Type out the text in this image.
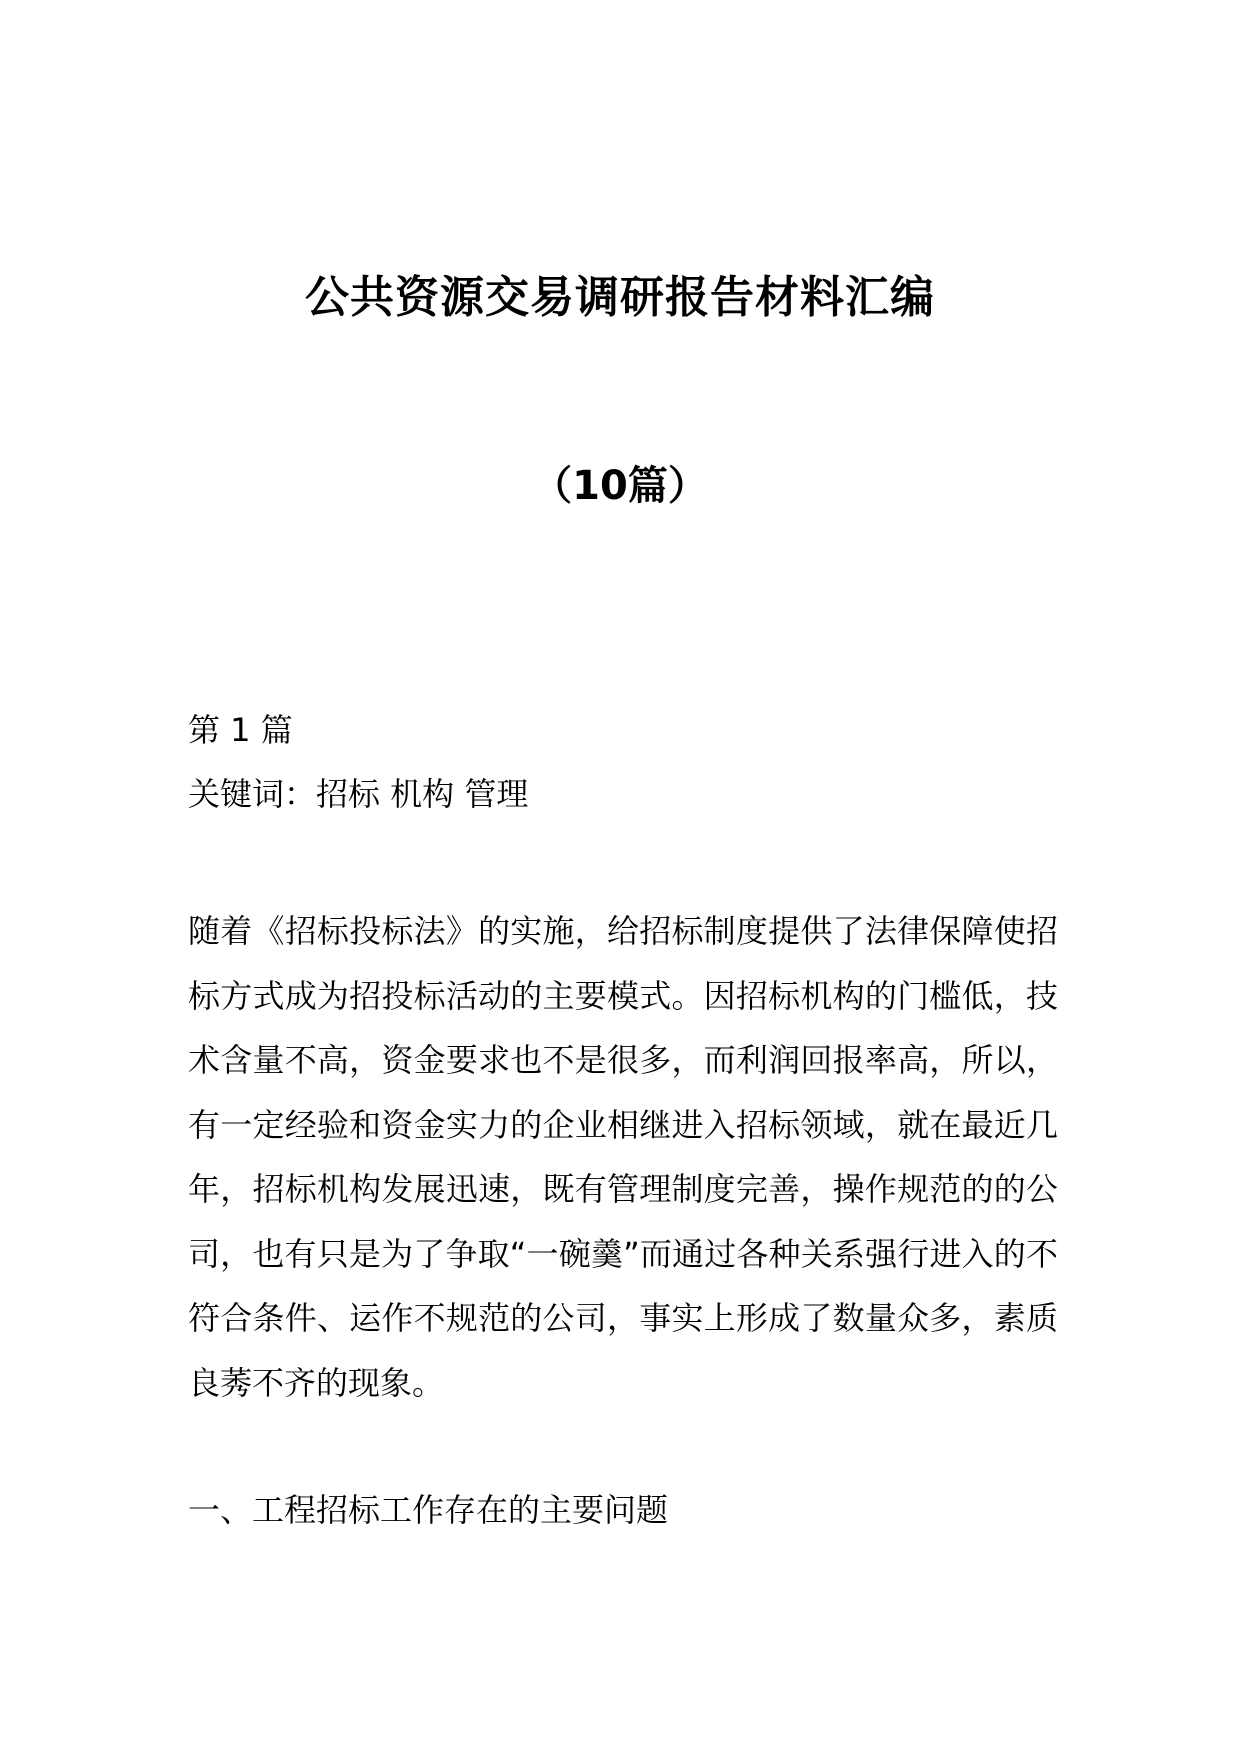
公共资源交易调研报告材料汇编
（10篇）

第 1 篇

关键词：招标 机构 管理

随着《招标投标法》的实施，给招标制度提供了法律保障使招标方式成为招投标活动的主要模式。因招标机构的门槛低，技术含量不高，资金要求也不是很多，而利润回报率高，所以，有一定经验和资金实力的企业相继进入招标领域，就在最近几年，招标机构发展迅速，既有管理制度完善，操作规范的的公司，也有只是为了争取“一碗羹”而通过各种关系强行进入的不符合条件、运作不规范的公司，事实上形成了数量众多，素质良莠不齐的现象。

一、工程招标工作存在的主要问题
